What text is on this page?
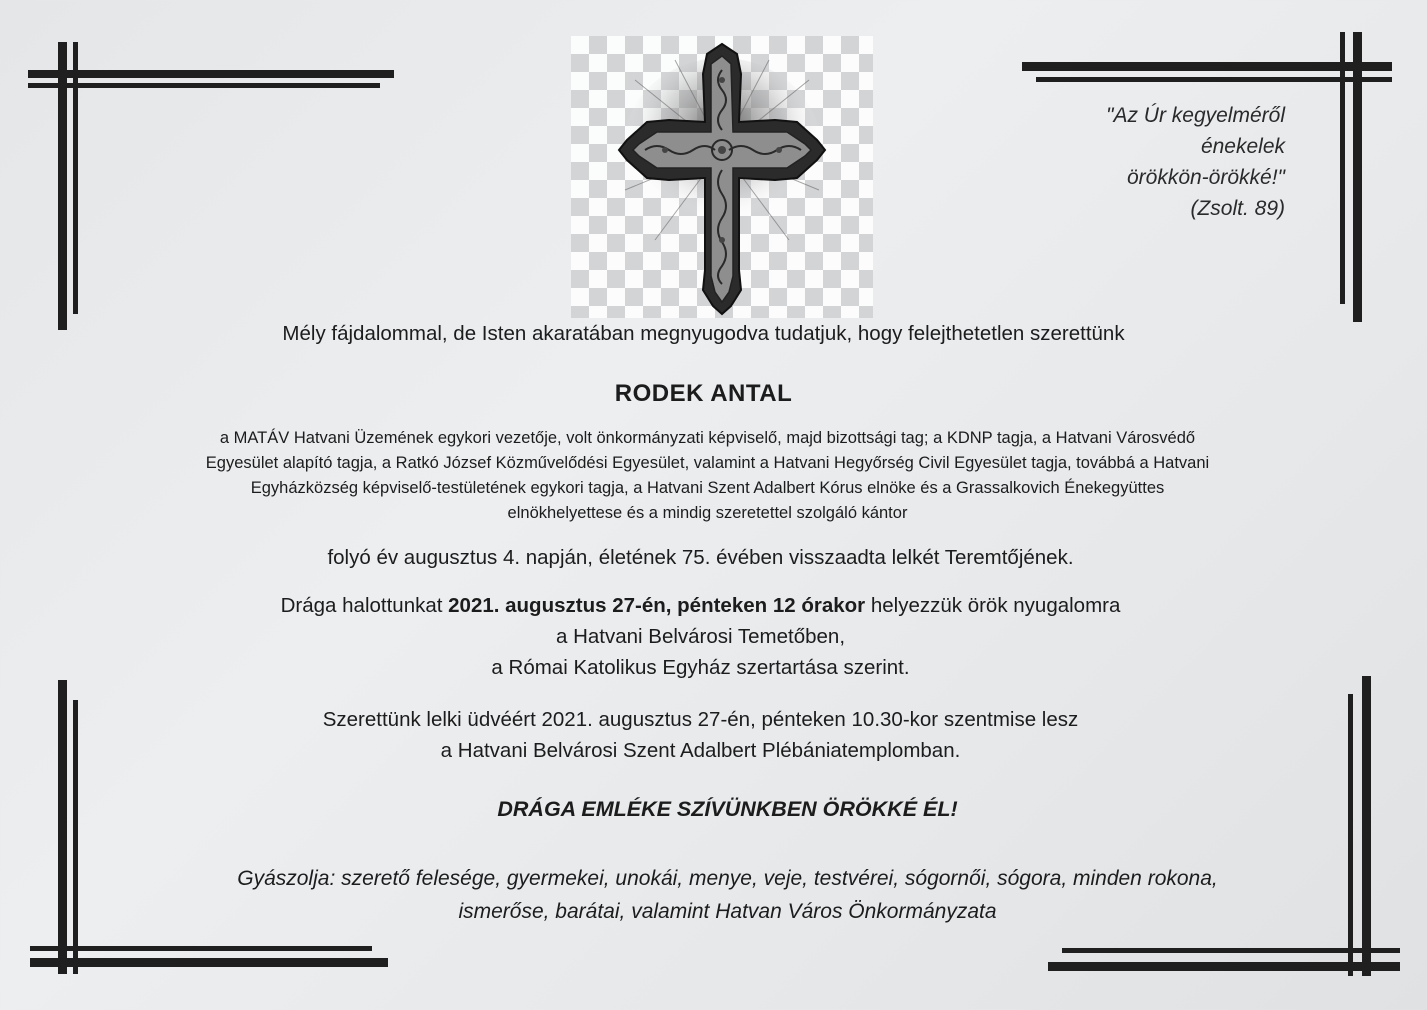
"Az Úr kegyelméről
énekelek
örökkön-örökké!"
(Zsolt. 89)
Mély fájdalommal, de Isten akaratában megnyugodva tudatjuk, hogy felejthetetlen szerettünk
RODEK ANTAL
a MATÁV Hatvani Üzemének egykori vezetője, volt önkormányzati képviselő, majd bizottsági tag; a KDNP tagja, a Hatvani Városvédő
Egyesület alapító tagja, a Ratkó József Közművelődési Egyesület, valamint a Hatvani Hegyőrség Civil Egyesület tagja, továbbá a Hatvani
Egyházközség képviselő-testületének egykori tagja, a Hatvani Szent Adalbert Kórus elnöke és a Grassalkovich Énekegyüttes
elnökhelyettese és a mindig szeretettel szolgáló kántor
folyó év augusztus 4. napján, életének 75. évében visszaadta lelkét Teremtőjének.
Drága halottunkat 2021. augusztus 27-én, pénteken 12 órakor helyezzük örök nyugalomra
a Hatvani Belvárosi Temetőben,
a Római Katolikus Egyház szertartása szerint.
Szerettünk lelki üdvéért 2021. augusztus 27-én, pénteken 10.30-kor szentmise lesz
a Hatvani Belvárosi Szent Adalbert Plébániatemplomban.
DRÁGA EMLÉKE SZÍVÜNKBEN ÖRÖKKÉ ÉL!
Gyászolja: szerető felesége, gyermekei, unokái, menye, veje, testvérei, sógornői, sógora, minden rokona,
ismerőse, barátai, valamint Hatvan Város Önkormányzata
